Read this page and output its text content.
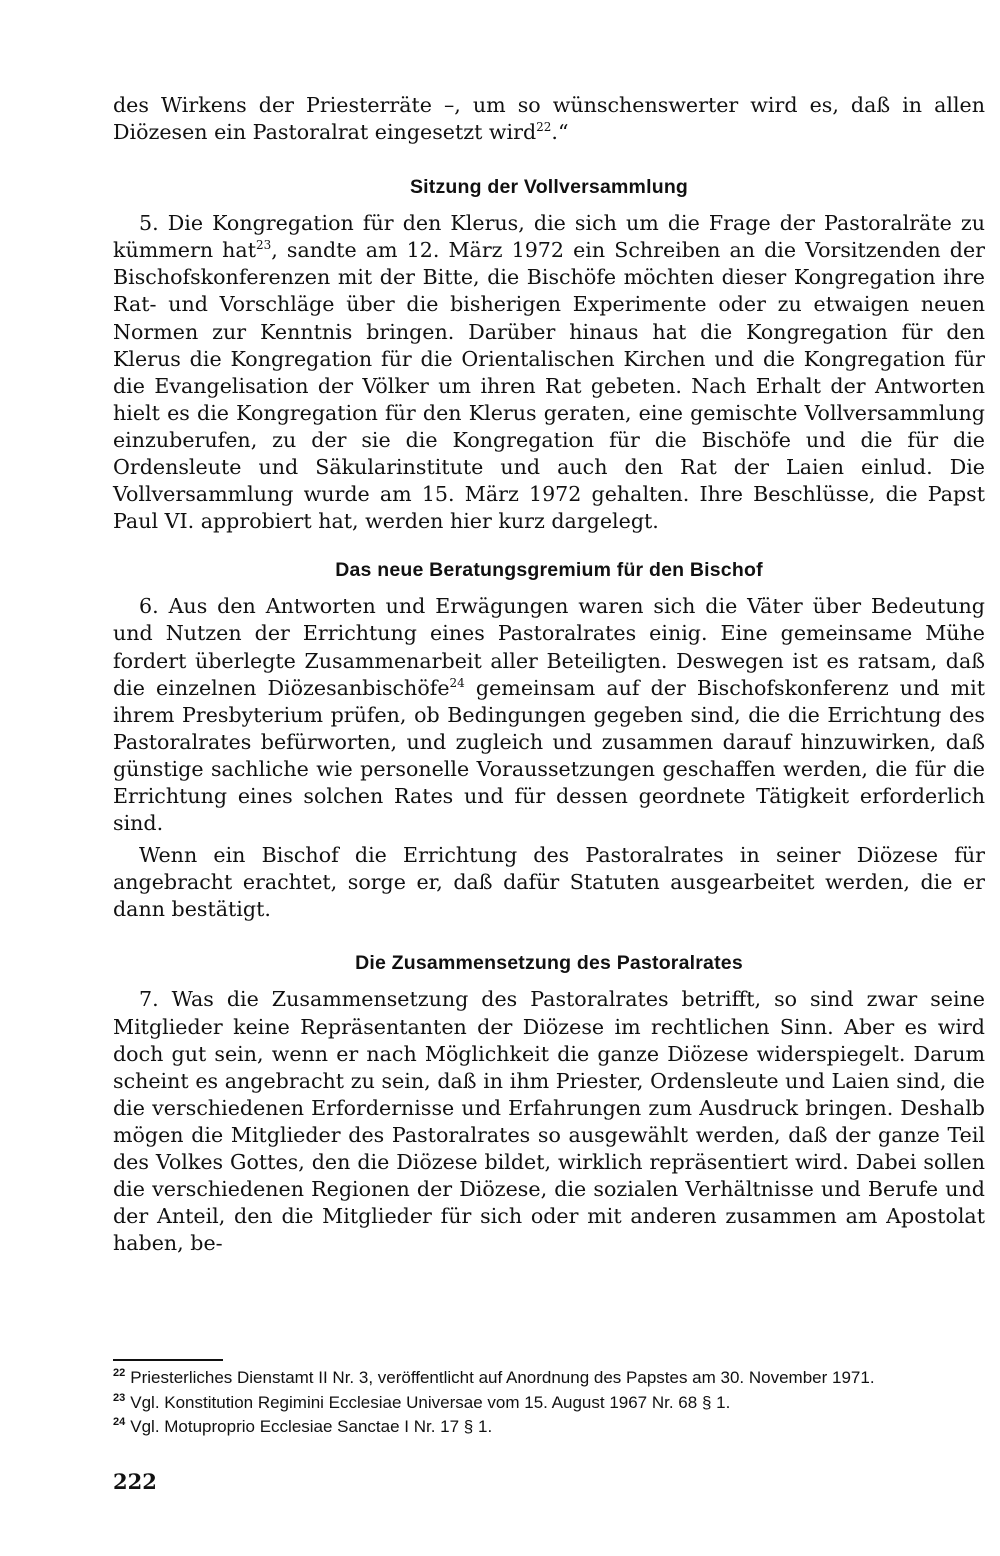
des Wirkens der Priesterräte –, um so wünschenswerter wird es, daß in allen Diözesen ein Pastoralrat eingesetzt wird$^{22}$.“

Sitzung der Vollversammlung

5. Die Kongregation für den Klerus, die sich um die Frage der Pastoralräte zu kümmern hat$^{23}$, sandte am 12. März 1972 ein Schreiben an die Vorsitzenden der Bischofskonferenzen mit der Bitte, die Bischöfe möchten dieser Kongregation ihre Rat- und Vorschläge über die bisherigen Experimente oder zu etwaigen neuen Normen zur Kenntnis bringen. Darüber hinaus hat die Kongregation für den Klerus die Kongregation für die Orientalischen Kirchen und die Kongregation für die Evangelisation der Völker um ihren Rat gebeten. Nach Erhalt der Antworten hielt es die Kongregation für den Klerus geraten, eine gemischte Vollversammlung einzuberufen, zu der sie die Kongregation für die Bischöfe und die für die Ordensleute und Säkularinstitute und auch den Rat der Laien einlud. Die Vollversammlung wurde am 15. März 1972 gehalten. Ihre Beschlüsse, die Papst Paul VI. approbiert hat, werden hier kurz dargelegt.

Das neue Beratungsgremium für den Bischof

6. Aus den Antworten und Erwägungen waren sich die Väter über Bedeutung und Nutzen der Errichtung eines Pastoralrates einig. Eine gemeinsame Mühe fordert überlegte Zusammenarbeit aller Beteiligten. Deswegen ist es ratsam, daß die einzelnen Diözesanbischöfe$^{24}$ gemeinsam auf der Bischofskonferenz und mit ihrem Presbyterium prüfen, ob Bedingungen gegeben sind, die die Errichtung des Pastoralrates befürworten, und zugleich und zusammen darauf hinzuwirken, daß günstige sachliche wie personelle Voraussetzungen geschaffen werden, die für die Errichtung eines solchen Rates und für dessen geordnete Tätigkeit erforderlich sind.

Wenn ein Bischof die Errichtung des Pastoralrates in seiner Diözese für angebracht erachtet, sorge er, daß dafür Statuten ausgearbeitet werden, die er dann bestätigt.

Die Zusammensetzung des Pastoralrates

7. Was die Zusammensetzung des Pastoralrates betrifft, so sind zwar seine Mitglieder keine Repräsentanten der Diözese im rechtlichen Sinn. Aber es wird doch gut sein, wenn er nach Möglichkeit die ganze Diözese widerspiegelt. Darum scheint es angebracht zu sein, daß in ihm Priester, Ordensleute und Laien sind, die die verschiedenen Erfordernisse und Erfahrungen zum Ausdruck bringen. Deshalb mögen die Mitglieder des Pastoralrates so ausgewählt werden, daß der ganze Teil des Volkes Gottes, den die Diözese bildet, wirklich repräsentiert wird. Dabei sollen die verschiedenen Regionen der Diözese, die sozialen Verhältnisse und Berufe und der Anteil, den die Mitglieder für sich oder mit anderen zusammen am Apostolat haben, be-

$^{22}$ Priesterliches Dienstamt II Nr. 3, veröffentlicht auf Anordnung des Papstes am 30. November 1971.
$^{23}$ Vgl. Konstitution Regimini Ecclesiae Universae vom 15. August 1967 Nr. 68 § 1.
$^{24}$ Vgl. Motuproprio Ecclesiae Sanctae I Nr. 17 § 1.

222
